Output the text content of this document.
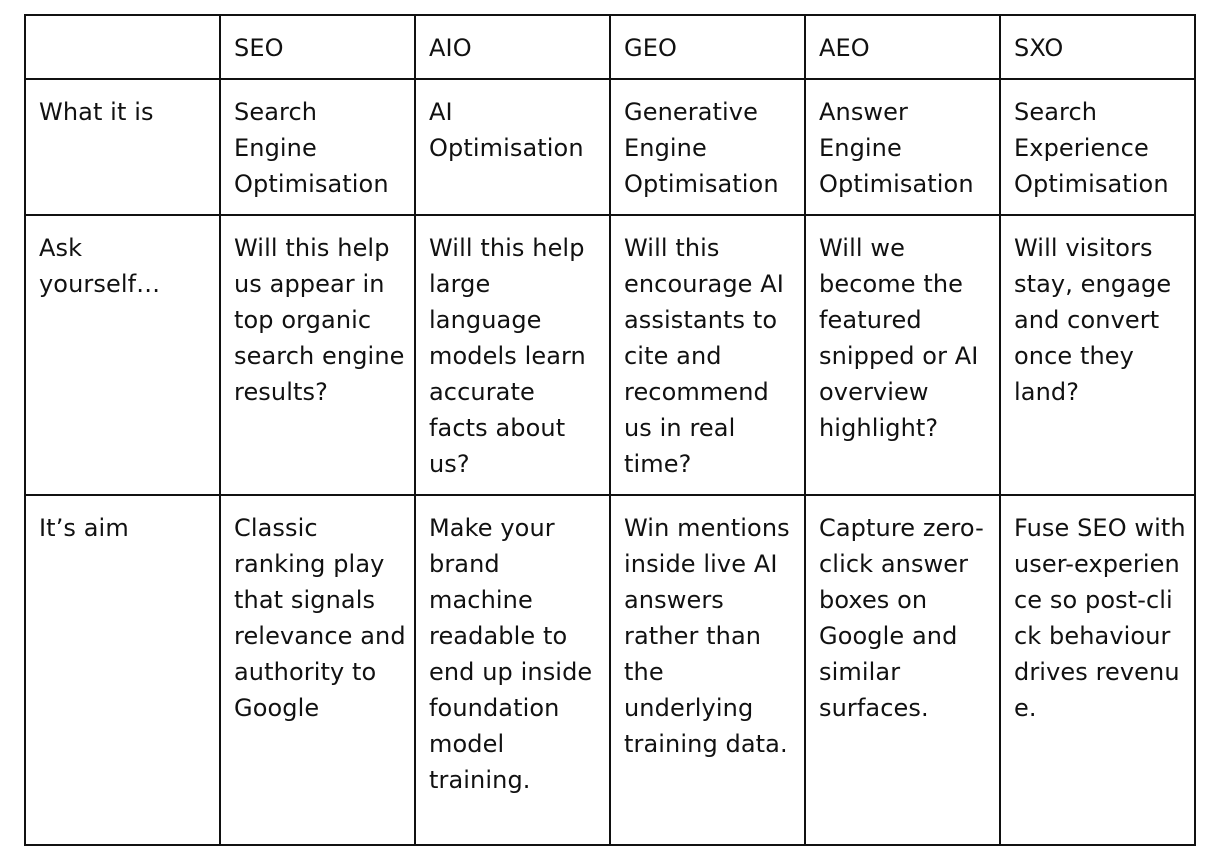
	SEO	AIO	GEO	AEO	SXO
What it is	Search Engine Optimisation	AI Optimisation	Generative Engine Optimisation	Answer Engine Optimisation	Search Experience Optimisation
Ask yourself…	Will this help us appear in top organic search engine results?	Will this help large language models learn accurate facts about us?	Will this encourage AI assistants to cite and recommend us in real time?	Will we become the featured snipped or AI overview highlight?	Will visitors stay, engage and convert once they land?
It’s aim	Classic ranking play that signals relevance and authority to Google	Make your brand machine readable to end up inside foundation model training.	Win mentions inside live AI answers rather than the underlying training data.	Capture zero-click answer boxes on Google and similar surfaces.	Fuse SEO with user-experience so post-click behaviour drives revenue.
